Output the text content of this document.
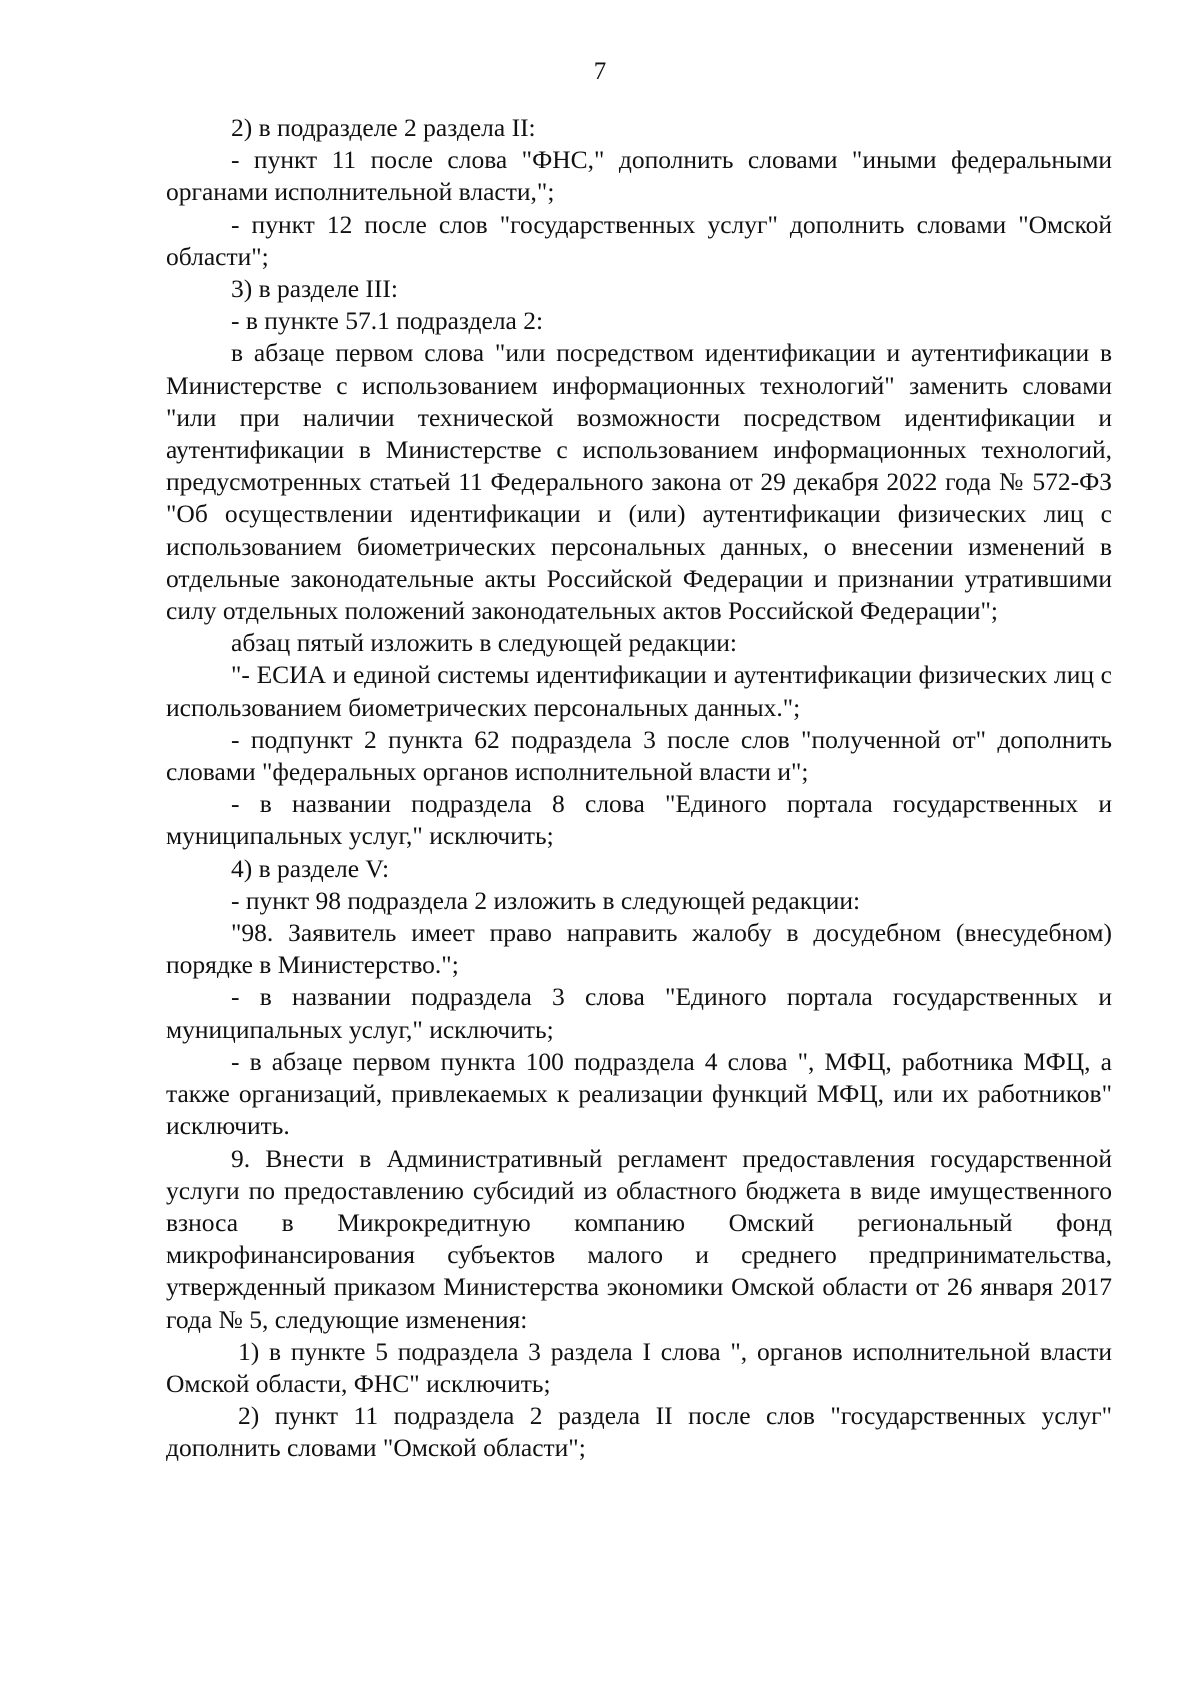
7

2) в подразделе 2 раздела II:

- пункт 11 после слова "ФНС," дополнить словами "иными федеральными органами исполнительной власти,";

- пункт 12 после слов "государственных услуг" дополнить словами "Омской области";

3) в разделе III:

- в пункте 57.1 подраздела 2:

в абзаце первом слова "или посредством идентификации и аутентификации в Министерстве с использованием информационных технологий" заменить словами "или при наличии технической возможности посредством идентификации и аутентификации в Министерстве с использованием информационных технологий, предусмотренных статьей 11 Федерального закона от 29 декабря 2022 года № 572-ФЗ "Об осуществлении идентификации и (или) аутентификации физических лиц с использованием биометрических персональных данных, о внесении изменений в отдельные законодательные акты Российской Федерации и признании утратившими силу отдельных положений законодательных актов Российской Федерации";

абзац пятый изложить в следующей редакции:

"- ЕСИА и единой системы идентификации и аутентификации физических лиц с использованием биометрических персональных данных.";

- подпункт 2 пункта 62 подраздела 3 после слов "полученной от" дополнить словами "федеральных органов исполнительной власти и";

- в названии подраздела 8 слова "Единого портала государственных и муниципальных услуг," исключить;

4) в разделе V:

- пункт 98 подраздела 2 изложить в следующей редакции:

"98. Заявитель имеет право направить жалобу в досудебном (внесудебном) порядке в Министерство.";

- в названии подраздела 3 слова "Единого портала государственных и муниципальных услуг," исключить;

- в абзаце первом пункта 100 подраздела 4 слова ", МФЦ, работника МФЦ, а также организаций, привлекаемых к реализации функций МФЦ, или их работников" исключить.

9. Внести в Административный регламент предоставления государственной услуги по предоставлению субсидий из областного бюджета в виде имущественного взноса в Микрокредитную компанию Омский региональный фонд микрофинансирования субъектов малого и среднего предпринимательства, утвержденный приказом Министерства экономики Омской области от 26 января 2017 года № 5, следующие изменения:

1) в пункте 5 подраздела 3 раздела I слова ", органов исполнительной власти Омской области, ФНС" исключить;

2) пункт 11 подраздела 2 раздела II после слов "государственных услуг" дополнить словами "Омской области";
